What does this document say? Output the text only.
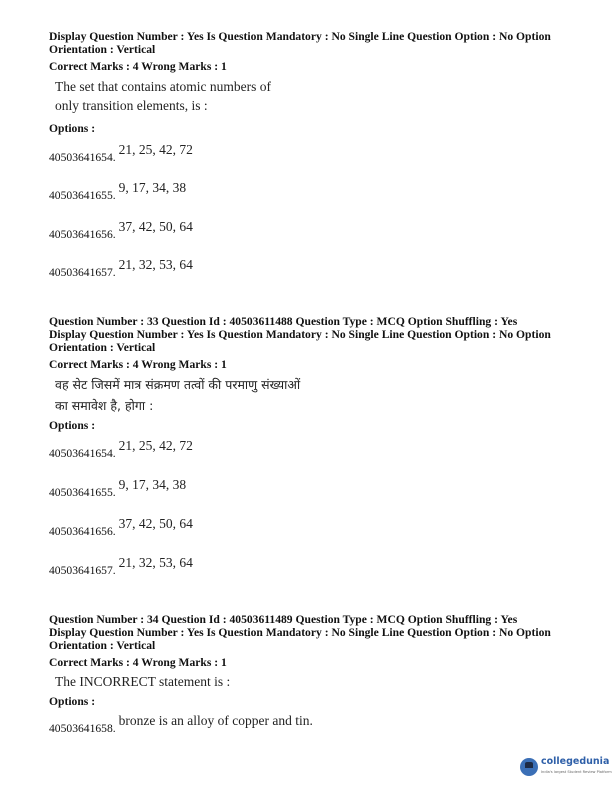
Display Question Number : Yes Is Question Mandatory : No Single Line Question Option : No Option
Orientation : Vertical
Correct Marks : 4 Wrong Marks : 1
The set that contains atomic numbers of
only transition elements, is :
Options :
40503641654.$^{21, 25, 42, 72}$
40503641655.$^{9, 17, 34, 38}$
40503641656.$^{37, 42, 50, 64}$
40503641657.$^{21, 32, 53, 64}$
Question Number : 33 Question Id : 40503611488 Question Type : MCQ Option Shuffling : Yes
Display Question Number : Yes Is Question Mandatory : No Single Line Question Option : No Option
Orientation : Vertical
Correct Marks : 4 Wrong Marks : 1
वह सेट जिसमें मात्र संक्रमण तत्वों की परमाणु संख्याओं
का समावेश है, होगा :
Options :
40503641654.$^{21, 25, 42, 72}$
40503641655.$^{9, 17, 34, 38}$
40503641656.$^{37, 42, 50, 64}$
40503641657.$^{21, 32, 53, 64}$
Question Number : 34 Question Id : 40503611489 Question Type : MCQ Option Shuffling : Yes
Display Question Number : Yes Is Question Mandatory : No Single Line Question Option : No Option
Orientation : Vertical
Correct Marks : 4 Wrong Marks : 1
The INCORRECT statement is :
Options :
40503641658.$^{bronze is an alloy of copper and tin.}$
collegedunia
India's largest Student Review Platform
